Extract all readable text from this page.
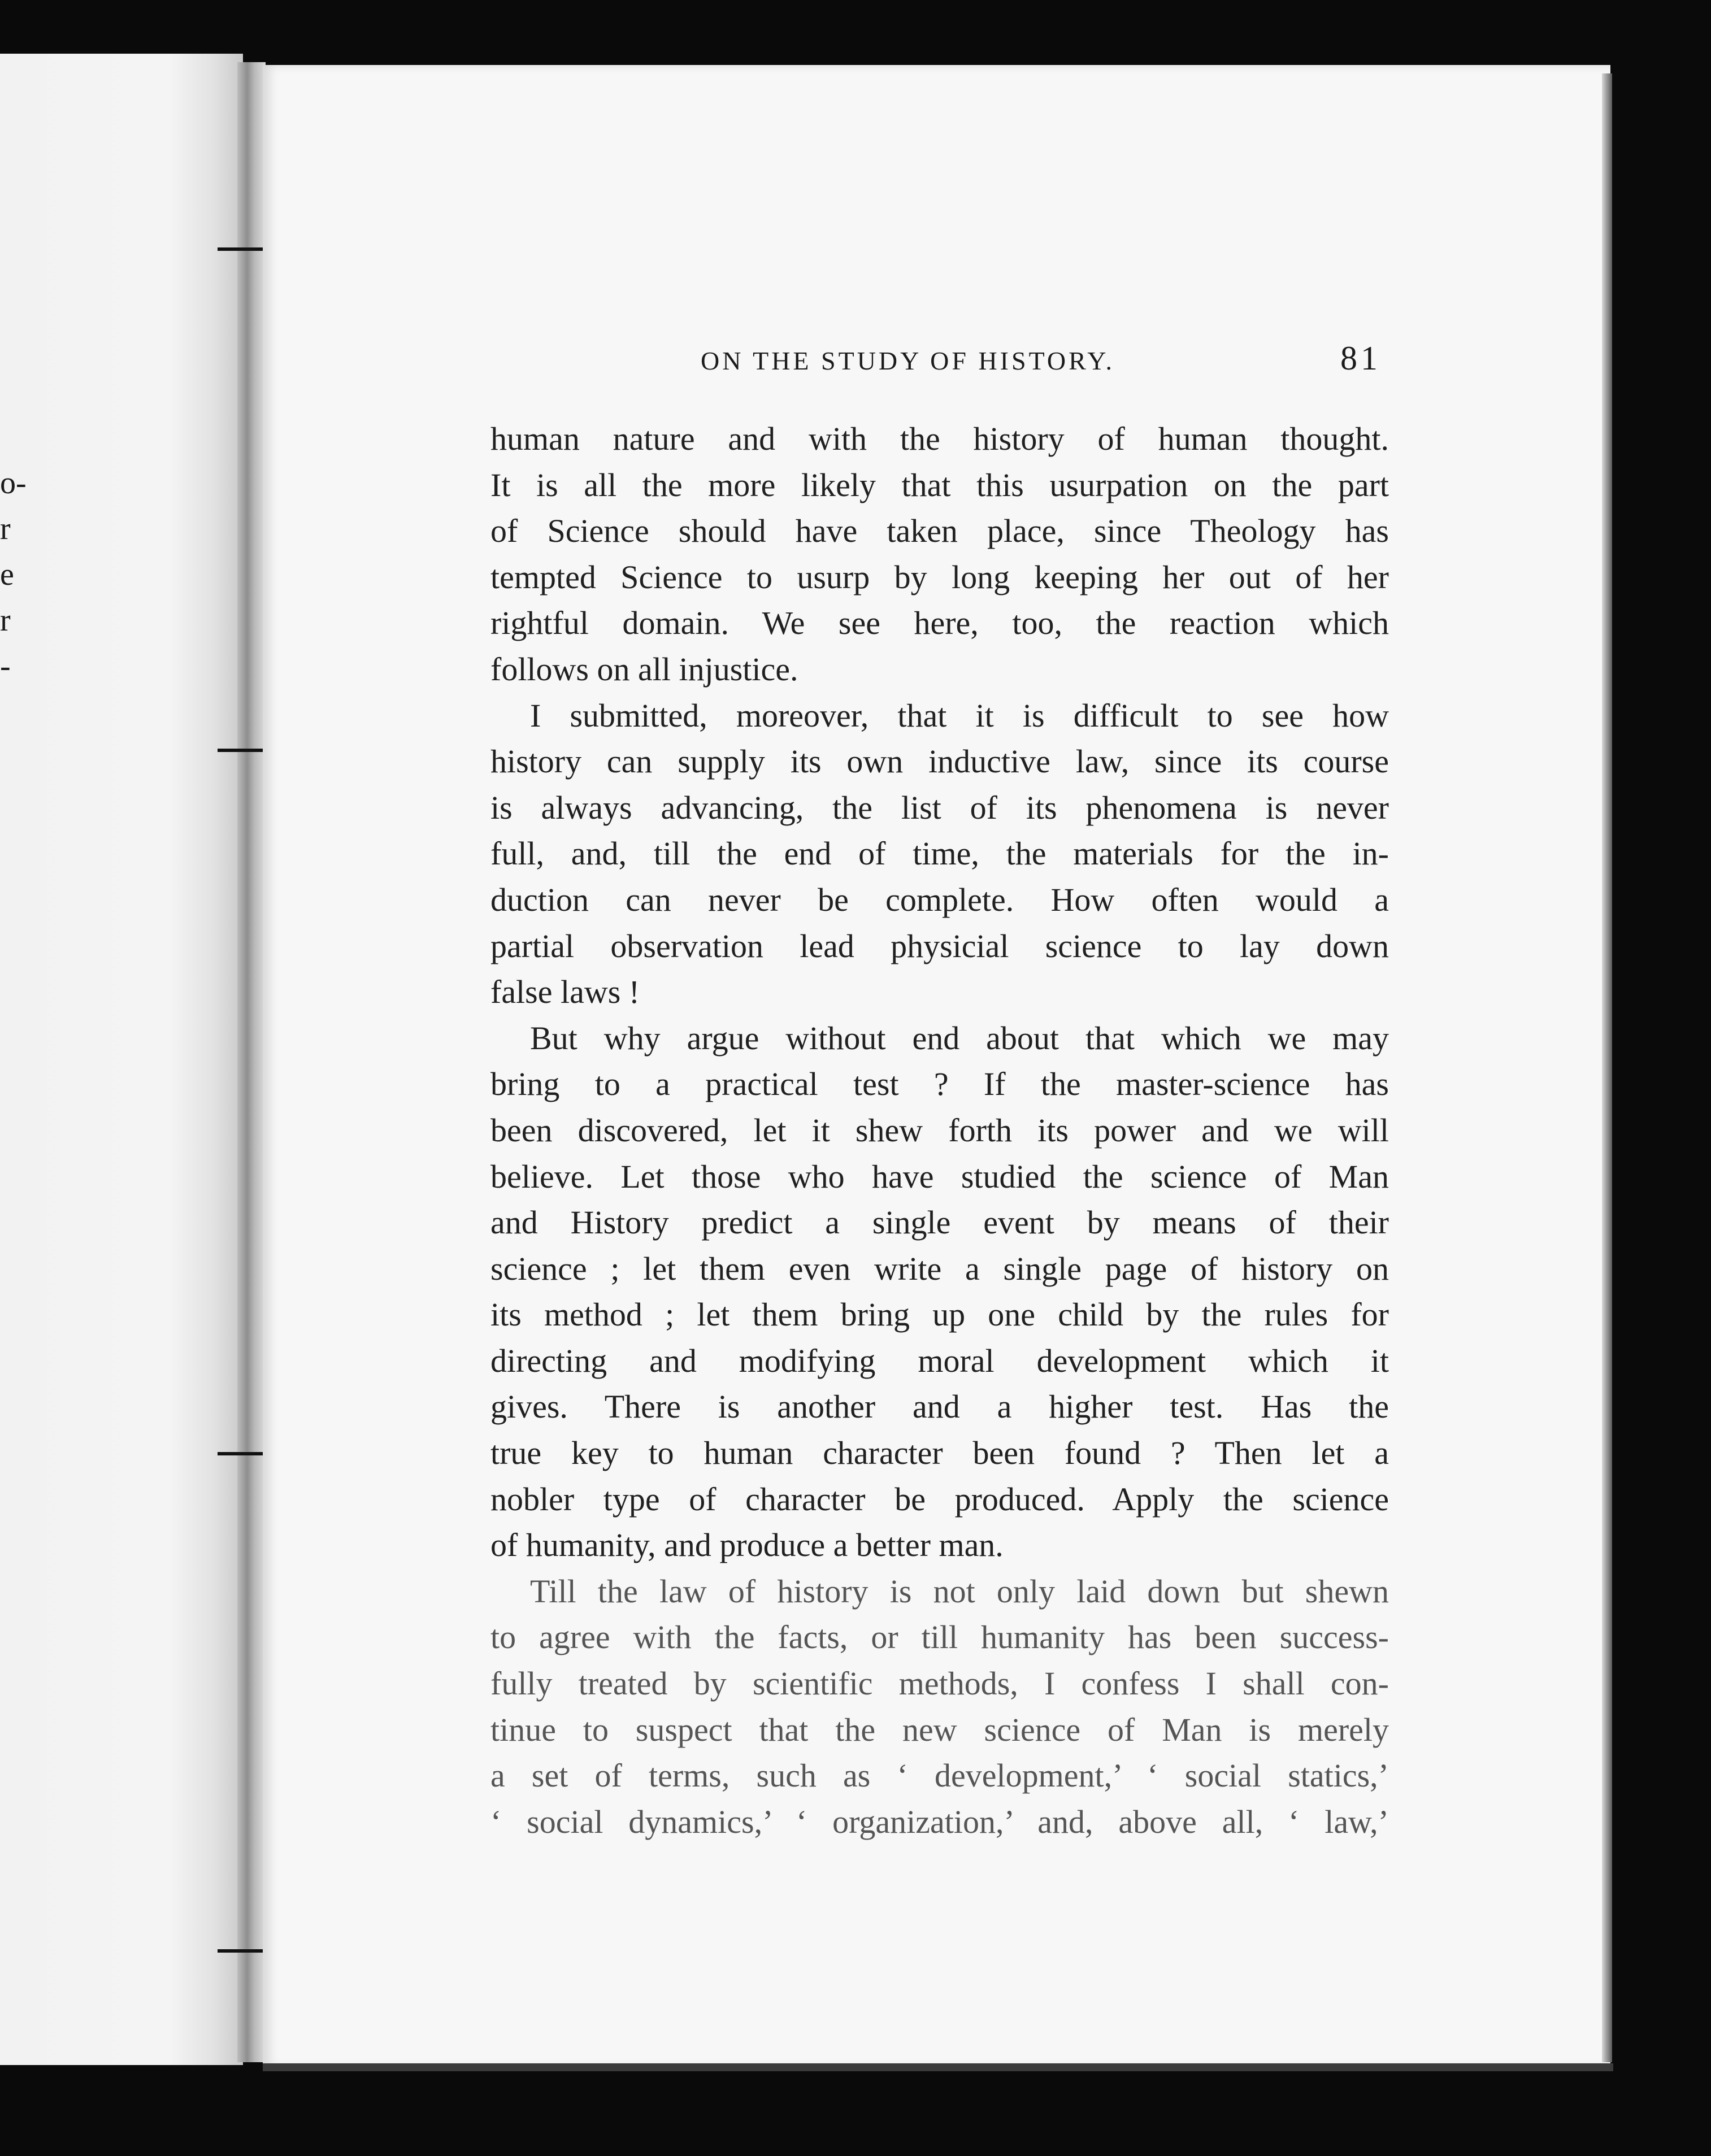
o-
r
e
r
-
ON THE STUDY OF HISTORY.	81
human nature and with the history of human thought.
It is all the more likely that this usurpation on the part
of Science should have taken place, since Theology has
tempted Science to usurp by long keeping her out of her
rightful domain. We see here, too, the reaction which
follows on all injustice.
I submitted, moreover, that it is difficult to see how
history can supply its own inductive law, since its course
is always advancing, the list of its phenomena is never
full, and, till the end of time, the materials for the in-
duction can never be complete. How often would a
partial observation lead physicial science to lay down
false laws !
But why argue without end about that which we may
bring to a practical test ? If the master-science has
been discovered, let it shew forth its power and we will
believe. Let those who have studied the science of Man
and History predict a single event by means of their
science ; let them even write a single page of history on
its method ; let them bring up one child by the rules for
directing and modifying moral development which it
gives. There is another and a higher test. Has the
true key to human character been found ? Then let a
nobler type of character be produced. Apply the science
of humanity, and produce a better man.
Till the law of history is not only laid down but shewn
to agree with the facts, or till humanity has been success-
fully treated by scientific methods, I confess I shall con-
tinue to suspect that the new science of Man is merely
a set of terms, such as ‘ development,’ ‘ social statics,’
‘ social dynamics,’ ‘ organization,’ and, above all, ‘ law,’
